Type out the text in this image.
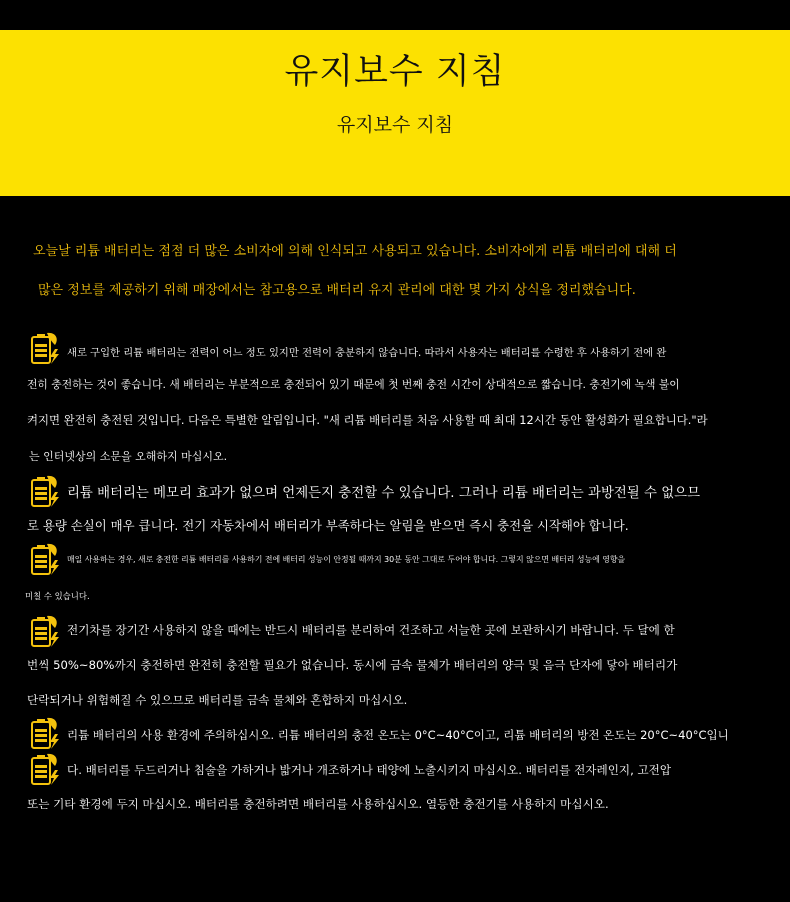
유지보수 지침
유지보수 지침
오늘날 리튬 배터리는 점점 더 많은 소비자에 의해 인식되고 사용되고 있습니다. 소비자에게 리튬 배터리에 대해 더
많은 정보를 제공하기 위해 매장에서는 참고용으로 배터리 유지 관리에 대한 몇 가지 상식을 정리했습니다.
새로 구입한 리튬 배터리는 전력이 어느 정도 있지만 전력이 충분하지 않습니다. 따라서 사용자는 배터리를 수령한 후 사용하기 전에 완
전히 충전하는 것이 좋습니다. 새 배터리는 부분적으로 충전되어 있기 때문에 첫 번째 충전 시간이 상대적으로 짧습니다. 충전기에 녹색 불이
켜지면 완전히 충전된 것입니다. 다음은 특별한 알림입니다. "새 리튬 배터리를 처음 사용할 때 최대 12시간 동안 활성화가 필요합니다."라
는 인터넷상의 소문을 오해하지 마십시오.
리튬 배터리는 메모리 효과가 없으며 언제든지 충전할 수 있습니다. 그러나 리튬 배터리는 과방전될 수 없으므
로 용량 손실이 매우 큽니다. 전기 자동차에서 배터리가 부족하다는 알림을 받으면 즉시 충전을 시작해야 합니다.
매일 사용하는 경우, 새로 충전한 리튬 배터리를 사용하기 전에 배터리 성능이 안정될 때까지 30분 동안 그대로 두어야 합니다. 그렇지 않으면 배터리 성능에 영향을
미칠 수 있습니다.
전기차를 장기간 사용하지 않을 때에는 반드시 배터리를 분리하여 건조하고 서늘한 곳에 보관하시기 바랍니다. 두 달에 한
번씩 50%~80%까지 충전하면 완전히 충전할 필요가 없습니다. 동시에 금속 물체가 배터리의 양극 및 음극 단자에 닿아 배터리가
단락되거나 위험해질 수 있으므로 배터리를 금속 물체와 혼합하지 마십시오.
리튬 배터리의 사용 환경에 주의하십시오. 리튬 배터리의 충전 온도는 0°C~40°C이고, 리튬 배터리의 방전 온도는 20°C~40°C입니
다. 배터리를 두드리거나 침술을 가하거나 밟거나 개조하거나 태양에 노출시키지 마십시오. 배터리를 전자레인지, 고전압
또는 기타 환경에 두지 마십시오. 배터리를 충전하려면 배터리를 사용하십시오. 열등한 충전기를 사용하지 마십시오.
